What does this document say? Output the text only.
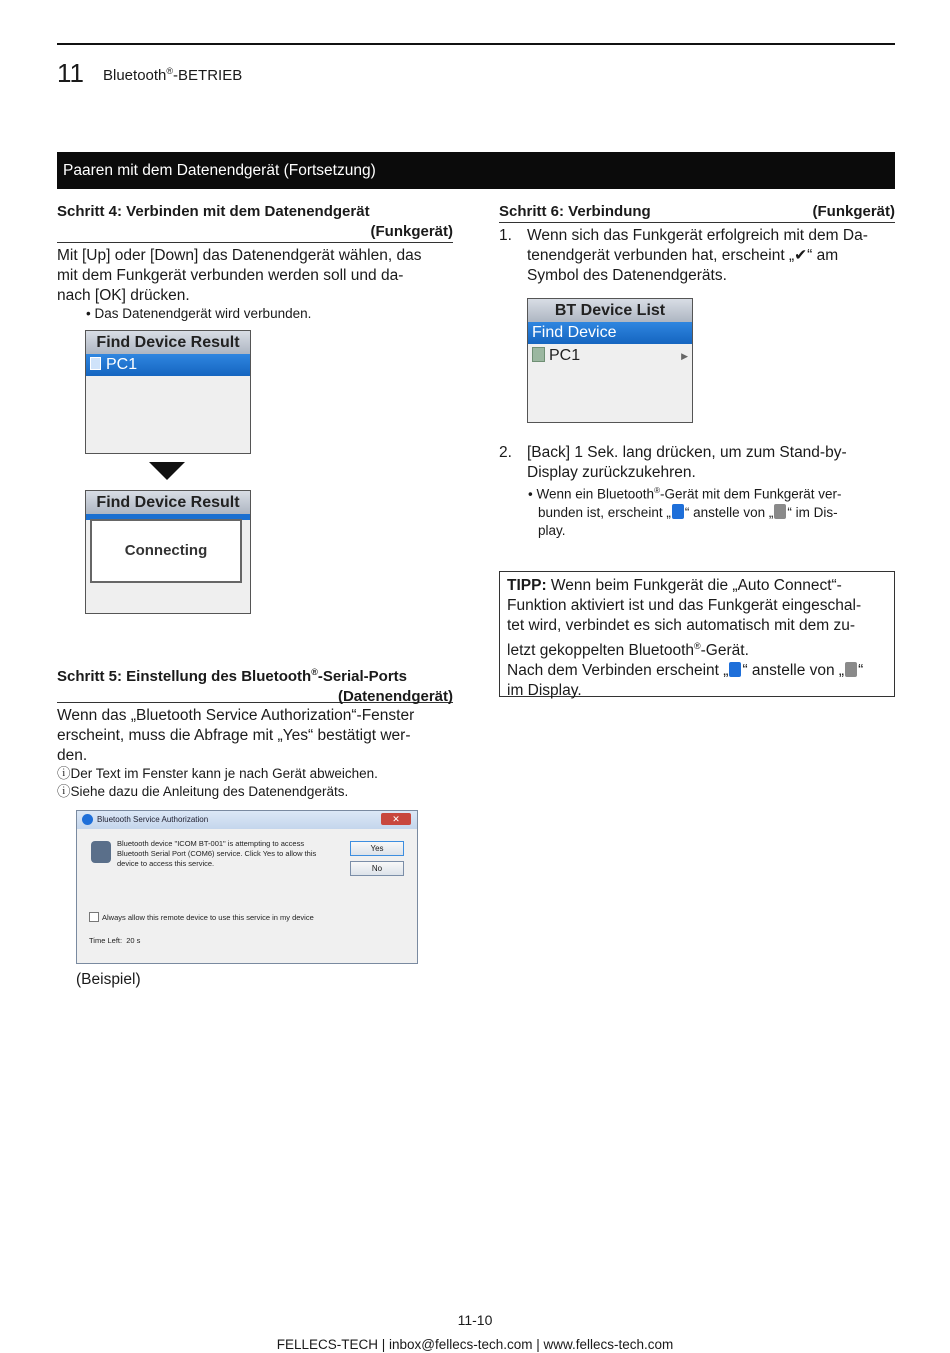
11 Bluetooth®-BETRIEB
Paaren mit dem Datenendgerät (Fortsetzung)
Schritt 4: Verbinden mit dem Datenendgerät
(Funkgerät)
Mit [Up] oder [Down] das Datenendgerät wählen, das
mit dem Funkgerät verbunden werden soll und da-
nach [OK] drücken.
• Das Datenendgerät wird verbunden.
Find Device Result
PC1
Find Device Result
Connecting
Schritt 5: Einstellung des Bluetooth®-Serial-Ports
(Datenendgerät)
Wenn das „Bluetooth Service Authorization“-Fenster
erscheint, muss die Abfrage mit „Yes“ bestätigt wer-
den.
ⓘDer Text im Fenster kann je nach Gerät abweichen.
ⓘSiehe dazu die Anleitung des Datenendgeräts.
Bluetooth Service Authorization	✕
Bluetooth device "ICOM BT-001" is attempting to access
Bluetooth Serial Port (COM6) service. Click Yes to allow this
device to access this service.
Yes
No
Always allow this remote device to use this service in my device
Time Left: 20 s
(Beispiel)
Schritt 6: Verbindung	(Funkgerät)
1. Wenn sich das Funkgerät erfolgreich mit dem Da-
tenendgerät verbunden hat, erscheint „✔“ am
Symbol des Datenendgeräts.
BT Device List
Find Device
PC1	▶
2. [Back] 1 Sek. lang drücken, um zum Stand-by-
Display zurückzukehren.
• Wenn ein Bluetooth®-Gerät mit dem Funkgerät ver-
bunden ist, erscheint „ “ anstelle von „ “ im Dis-
play.
TIPP: Wenn beim Funkgerät die „Auto Connect“-
Funktion aktiviert ist und das Funkgerät eingeschal-
tet wird, verbindet es sich automatisch mit dem zu-
letzt gekoppelten Bluetooth®-Gerät.
Nach dem Verbinden erscheint „ “ anstelle von „ “
im Display.
11-10
FELLECS-TECH | inbox@fellecs-tech.com | www.fellecs-tech.com
